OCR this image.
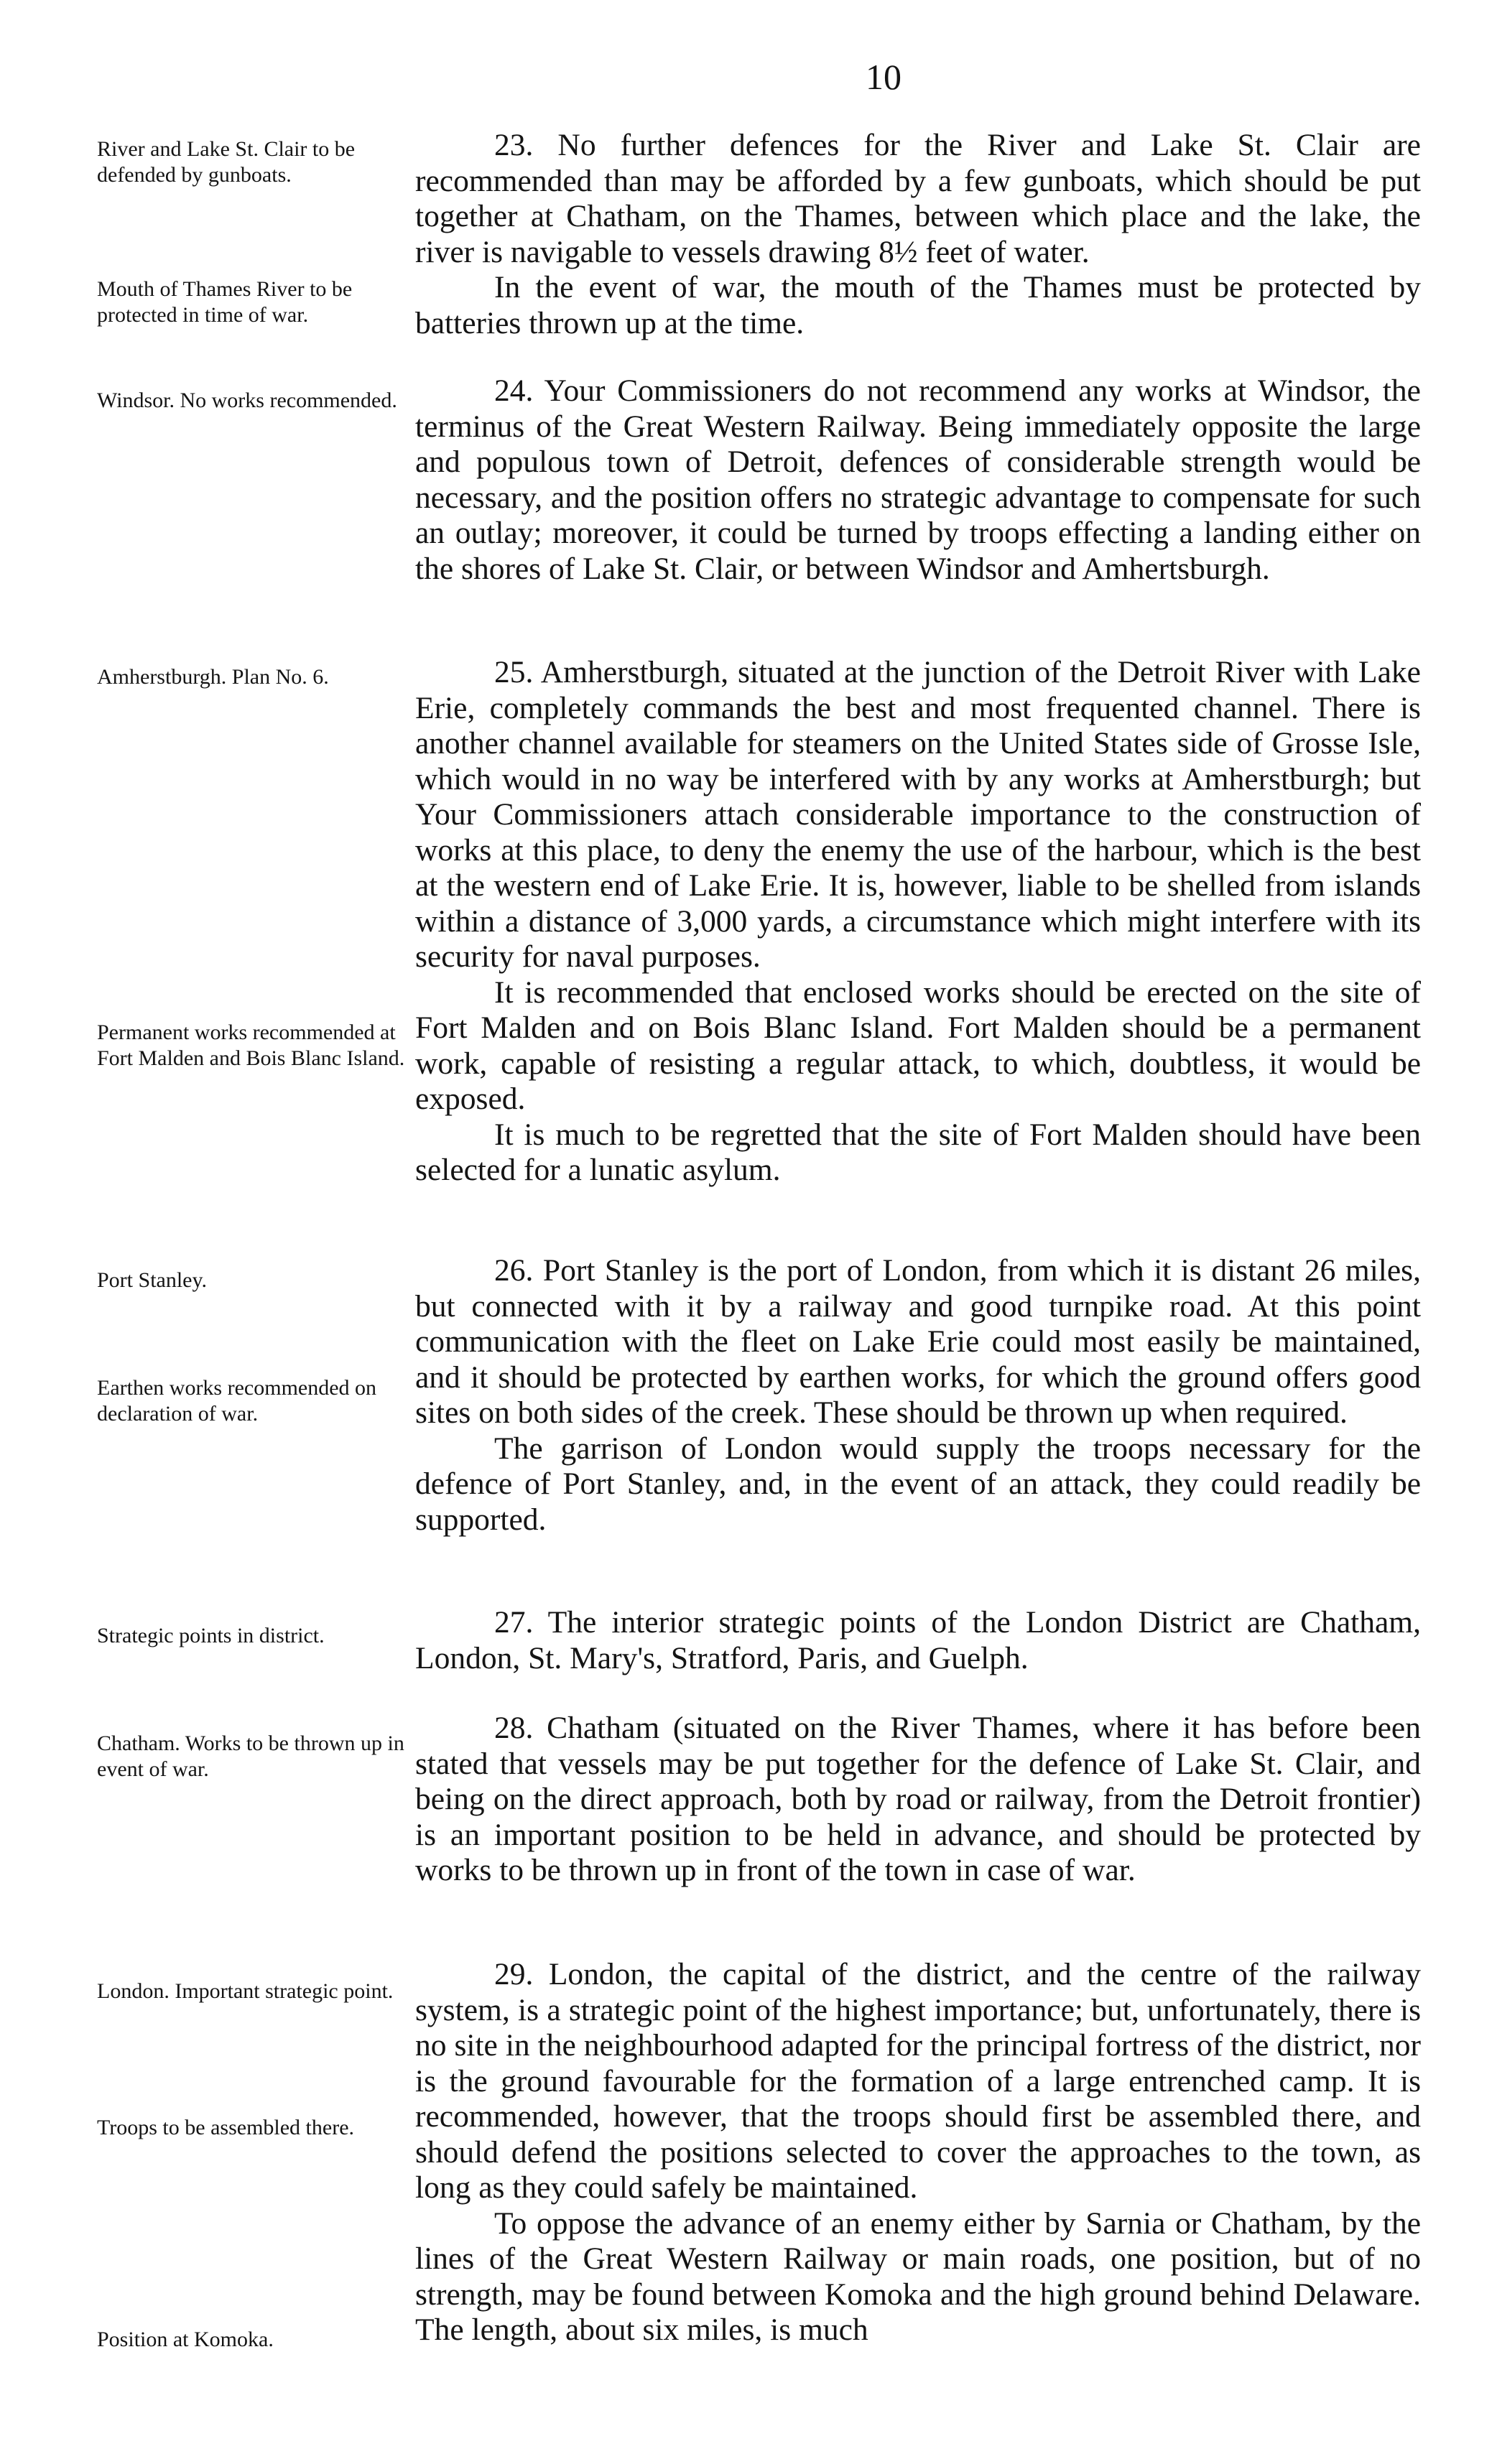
10
River and Lake St. Clair to be defended by gunboats.
Mouth of Thames River to be protected in time of war.
Windsor. No works recommended.
Amherstburgh. Plan No. 6.
Permanent works recommended at Fort Malden and Bois Blanc Island.
Port Stanley.
Earthen works recommended on declaration of war.
Strategic points in district.
Chatham. Works to be thrown up in event of war.
London. Important strategic point.
Troops to be assembled there.
Position at Komoka.

23. No further defences for the River and Lake St. Clair are recommended than may be afforded by a few gunboats, which should be put together at Chatham, on the Thames, between which place and the lake, the river is navigable to vessels drawing 8½ feet of water.

In the event of war, the mouth of the Thames must be protected by batteries thrown up at the time.

24. Your Commissioners do not recommend any works at Windsor, the terminus of the Great Western Railway. Being immediately opposite the large and populous town of Detroit, defences of considerable strength would be necessary, and the position offers no strategic advantage to compensate for such an outlay; moreover, it could be turned by troops effecting a landing either on the shores of Lake St. Clair, or between Windsor and Amhertsburgh.

25. Amherstburgh, situated at the junction of the Detroit River with Lake Erie, completely commands the best and most frequented channel. There is another channel available for steamers on the United States side of Grosse Isle, which would in no way be interfered with by any works at Amherstburgh; but Your Commissioners attach considerable importance to the construction of works at this place, to deny the enemy the use of the harbour, which is the best at the western end of Lake Erie. It is, however, liable to be shelled from islands within a distance of 3,000 yards, a circumstance which might interfere with its security for naval purposes.

It is recommended that enclosed works should be erected on the site of Fort Malden and on Bois Blanc Island. Fort Malden should be a permanent work, capable of resisting a regular attack, to which, doubtless, it would be exposed.

It is much to be regretted that the site of Fort Malden should have been selected for a lunatic asylum.

26. Port Stanley is the port of London, from which it is distant 26 miles, but connected with it by a railway and good turnpike road. At this point communication with the fleet on Lake Erie could most easily be maintained, and it should be protected by earthen works, for which the ground offers good sites on both sides of the creek. These should be thrown up when required.

The garrison of London would supply the troops necessary for the defence of Port Stanley, and, in the event of an attack, they could readily be supported.

27. The interior strategic points of the London District are Chatham, London, St. Mary's, Stratford, Paris, and Guelph.

28. Chatham (situated on the River Thames, where it has before been stated that vessels may be put together for the defence of Lake St. Clair, and being on the direct approach, both by road or railway, from the Detroit frontier) is an important position to be held in advance, and should be protected by works to be thrown up in front of the town in case of war.

29. London, the capital of the district, and the centre of the railway system, is a strategic point of the highest importance; but, unfortunately, there is no site in the neighbourhood adapted for the principal fortress of the district, nor is the ground favourable for the formation of a large entrenched camp. It is recommended, however, that the troops should first be assembled there, and should defend the positions selected to cover the approaches to the town, as long as they could safely be maintained.

To oppose the advance of an enemy either by Sarnia or Chatham, by the lines of the Great Western Railway or main roads, one position, but of no strength, may be found between Komoka and the high ground behind Delaware. The length, about six miles, is much
